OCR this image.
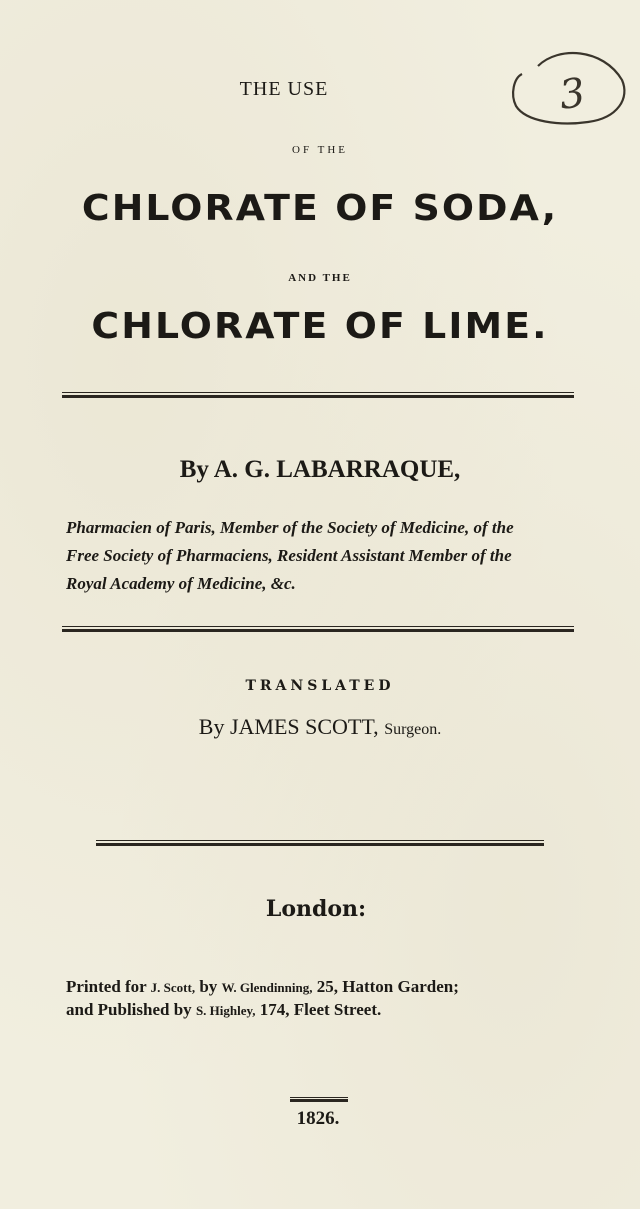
3
THE USE
OF THE
CHLORATE OF SODA,
AND THE
CHLORATE OF LIME.
By A. G. LABARRAQUE,
Pharmacien of Paris, Member of the Society of Medicine, of the
Free Society of Pharmaciens, Resident Assistant Member of the
Royal Academy of Medicine, &c.
TRANSLATED
By JAMES SCOTT, Surgeon.
London:
Printed for J. Scott, by W. Glendinning, 25, Hatton Garden;
and Published by S. Highley, 174, Fleet Street.
1826.
